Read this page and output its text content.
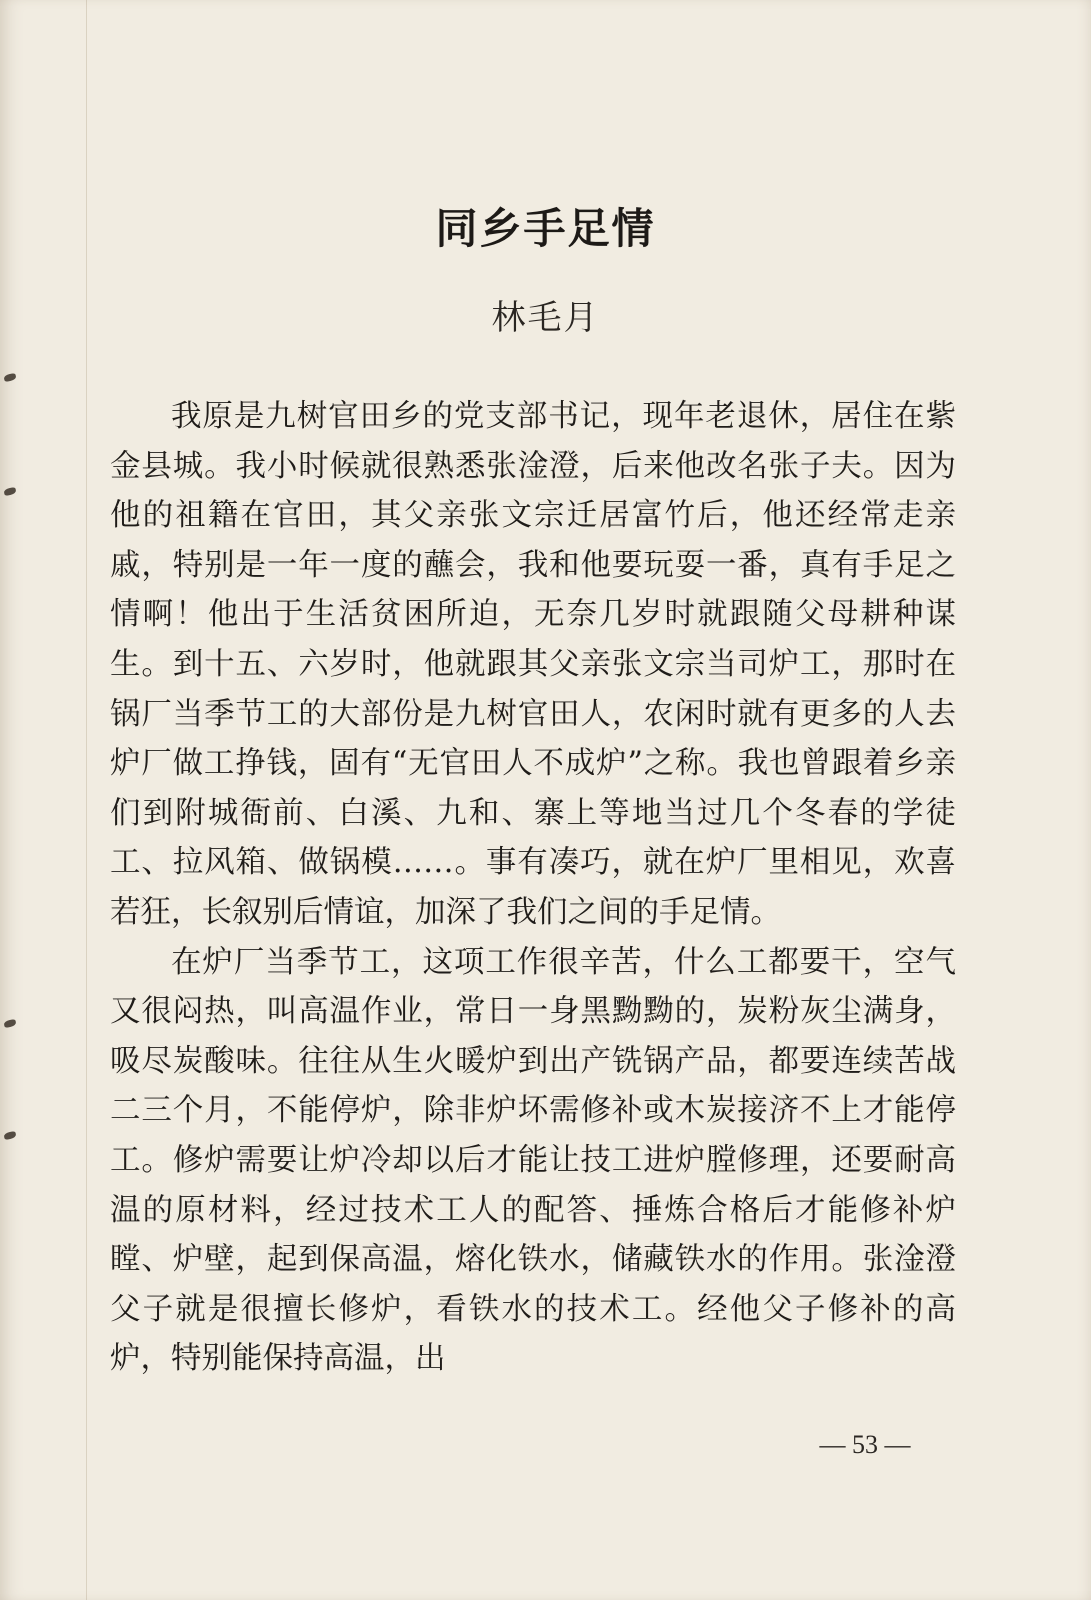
同乡手足情
林毛月

我原是九树官田乡的党支部书记，现年老退休，居住在紫金县城。我小时候就很熟悉张淦澄，后来他改名张子夫。因为他的祖籍在官田，其父亲张文宗迁居富竹后，他还经常走亲戚，特别是一年一度的蘸会，我和他要玩耍一番，真有手足之情啊！他出于生活贫困所迫，无奈几岁时就跟随父母耕种谋生。到十五、六岁时，他就跟其父亲张文宗当司炉工，那时在锅厂当季节工的大部份是九树官田人，农闲时就有更多的人去炉厂做工挣钱，固有“无官田人不成炉”之称。我也曾跟着乡亲们到附城衙前、白溪、九和、寨上等地当过几个冬春的学徒工、拉风箱、做锅模……。事有凑巧，就在炉厂里相见，欢喜若狂，长叙别后情谊，加深了我们之间的手足情。

在炉厂当季节工，这项工作很辛苦，什么工都要干，空气又很闷热，叫高温作业，常日一身黑黝黝的，炭粉灰尘满身，吸尽炭酸味。往往从生火暖炉到出产铣锅产品，都要连续苦战二三个月，不能停炉，除非炉坏需修补或木炭接济不上才能停工。修炉需要让炉冷却以后才能让技工进炉膛修理，还要耐高温的原材料，经过技术工人的配答、捶炼合格后才能修补炉瞠、炉壁，起到保高温，熔化铁水，储藏铁水的作用。张淦澄父子就是很擅长修炉，看铁水的技术工。经他父子修补的高炉，特别能保持高温，出

— 53 —
